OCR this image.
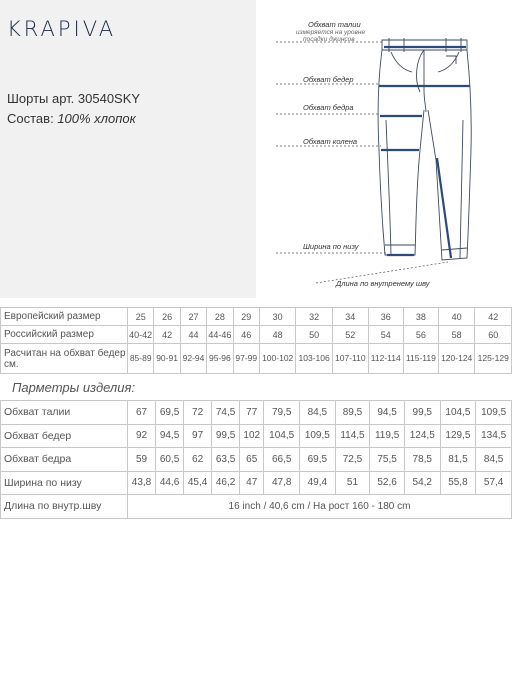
KRAPIVA
Шорты арт. 30540SKY
Состав: 100% хлопок
Обхват талии
измеряется на уровне
посадки джинсов
Обхват бедер
Обхват бедра
Обхват колена
Ширина по низу
Длина по внутренему шву
Европейский размер	25	26	27	28	29	30	32	34	36	38	40	42
Российский размер	40-42	42	44	44-46	46	48	50	52	54	56	58	60
Расчитан на обхват бедер см.	85-89	90-91	92-94	95-96	97-99	100-102	103-106	107-110	112-114	115-119	120-124	125-129
Парметры изделия:
Обхват талии	67	69,5	72	74,5	77	79,5	84,5	89,5	94,5	99,5	104,5	109,5
Обхват бедер	92	94,5	97	99,5	102	104,5	109,5	114,5	119,5	124,5	129,5	134,5
Обхват бедра	59	60,5	62	63,5	65	66,5	69,5	72,5	75,5	78,5	81,5	84,5
Ширина по низу	43,8	44,6	45,4	46,2	47	47,8	49,4	51	52,6	54,2	55,8	57,4
Длина по внутр.шву	16 inch / 40,6 cm / На рост 160 - 180 cm											
